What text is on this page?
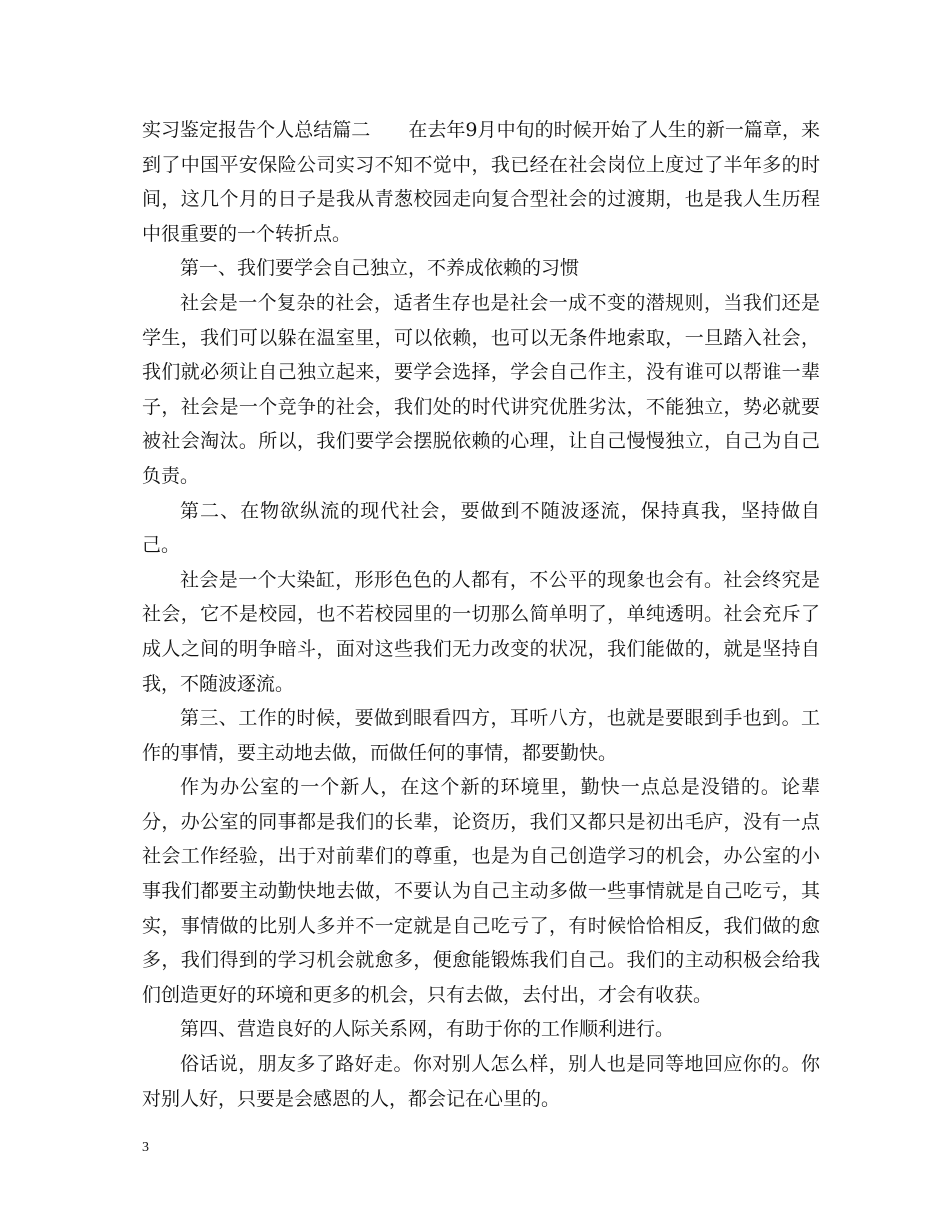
实习鉴定报告个人总结篇二 在去年9月中旬的时候开始了人生的新一篇章，来到了中国平安保险公司实习不知不觉中，我已经在社会岗位上度过了半年多的时间，这几个月的日子是我从青葱校园走向复合型社会的过渡期，也是我人生历程中很重要的一个转折点。

第一、我们要学会自己独立，不养成依赖的习惯

社会是一个复杂的社会，适者生存也是社会一成不变的潜规则，当我们还是学生，我们可以躲在温室里，可以依赖，也可以无条件地索取，一旦踏入社会，我们就必须让自己独立起来，要学会选择，学会自己作主，没有谁可以帮谁一辈子，社会是一个竞争的社会，我们处的时代讲究优胜劣汰，不能独立，势必就要被社会淘汰。所以，我们要学会摆脱依赖的心理，让自己慢慢独立，自己为自己负责。

第二、在物欲纵流的现代社会，要做到不随波逐流，保持真我，坚持做自己。

社会是一个大染缸，形形色色的人都有，不公平的现象也会有。社会终究是社会，它不是校园，也不若校园里的一切那么简单明了，单纯透明。社会充斥了成人之间的明争暗斗，面对这些我们无力改变的状况，我们能做的，就是坚持自我，不随波逐流。

第三、工作的时候，要做到眼看四方，耳听八方，也就是要眼到手也到。工作的事情，要主动地去做，而做任何的事情，都要勤快。

作为办公室的一个新人，在这个新的环境里，勤快一点总是没错的。论辈分，办公室的同事都是我们的长辈，论资历，我们又都只是初出毛庐，没有一点社会工作经验，出于对前辈们的尊重，也是为自己创造学习的机会，办公室的小事我们都要主动勤快地去做，不要认为自己主动多做一些事情就是自己吃亏，其实，事情做的比别人多并不一定就是自己吃亏了，有时候恰恰相反，我们做的愈多，我们得到的学习机会就愈多，便愈能锻炼我们自己。我们的主动积极会给我们创造更好的环境和更多的机会，只有去做，去付出，才会有收获。

第四、营造良好的人际关系网，有助于你的工作顺利进行。

俗话说，朋友多了路好走。你对别人怎么样，别人也是同等地回应你的。你对别人好，只要是会感恩的人，都会记在心里的。

3
